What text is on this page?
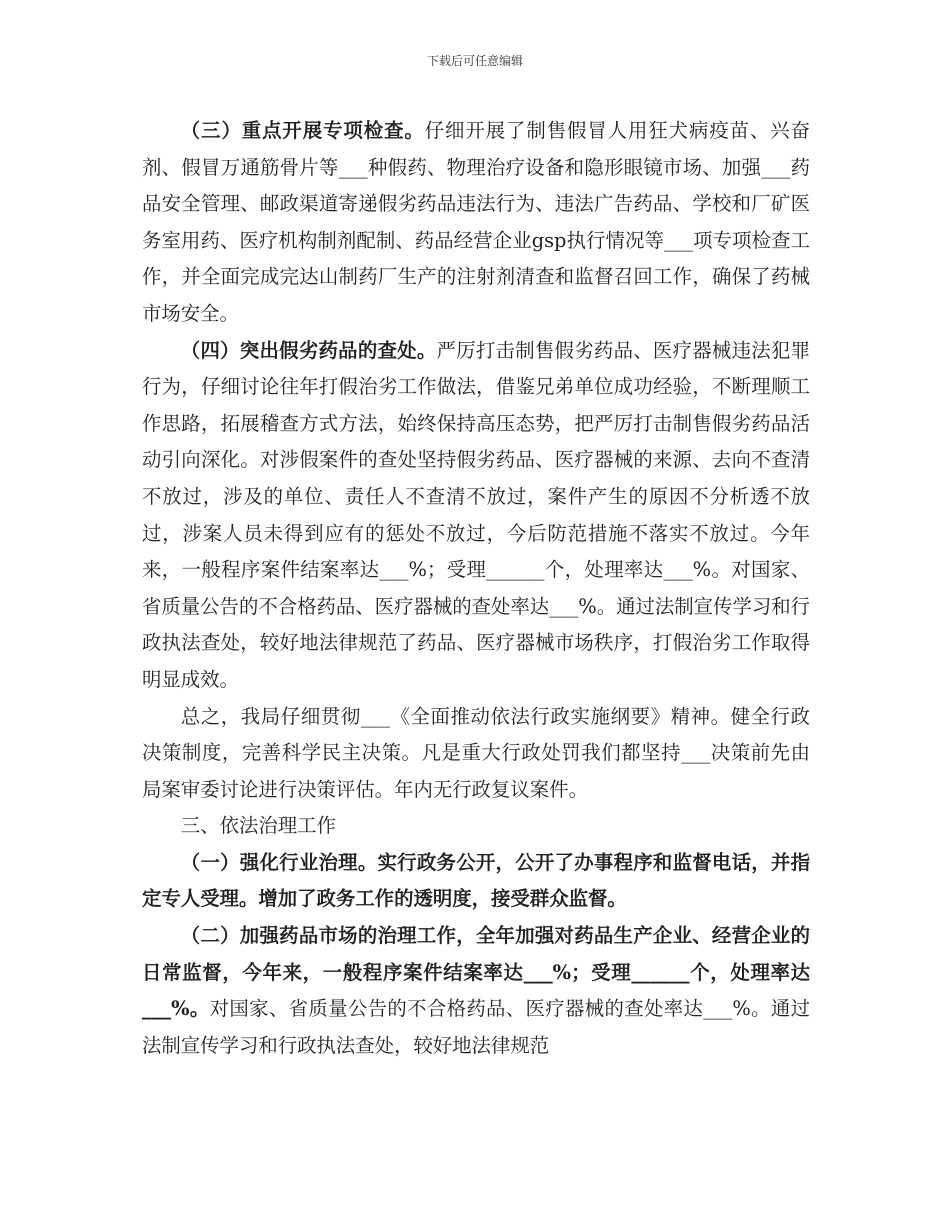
下载后可任意编辑

（三）重点开展专项检查。仔细开展了制售假冒人用狂犬病疫苗、兴奋剂、假冒万通筋骨片等___种假药、物理治疗设备和隐形眼镜市场、加强___药品安全管理、邮政渠道寄递假劣药品违法行为、违法广告药品、学校和厂矿医务室用药、医疗机构制剂配制、药品经营企业gsp执行情况等___项专项检查工作，并全面完成完达山制药厂生产的注射剂清查和监督召回工作，确保了药械市场安全。

（四）突出假劣药品的查处。严厉打击制售假劣药品、医疗器械违法犯罪行为，仔细讨论往年打假治劣工作做法，借鉴兄弟单位成功经验，不断理顺工作思路，拓展稽查方式方法，始终保持高压态势，把严厉打击制售假劣药品活动引向深化。对涉假案件的查处坚持假劣药品、医疗器械的来源、去向不查清不放过，涉及的单位、责任人不查清不放过，案件产生的原因不分析透不放过，涉案人员未得到应有的惩处不放过，今后防范措施不落实不放过。今年来，一般程序案件结案率达___%；受理______个，处理率达___%。对国家、省质量公告的不合格药品、医疗器械的查处率达___%。通过法制宣传学习和行政执法查处，较好地法律规范了药品、医疗器械市场秩序，打假治劣工作取得明显成效。

总之，我局仔细贯彻___《全面推动依法行政实施纲要》精神。健全行政决策制度，完善科学民主决策。凡是重大行政处罚我们都坚持___决策前先由局案审委讨论进行决策评估。年内无行政复议案件。

三、依法治理工作

（一）强化行业治理。实行政务公开，公开了办事程序和监督电话，并指定专人受理。增加了政务工作的透明度，接受群众监督。

（二）加强药品市场的治理工作，全年加强对药品生产企业、经营企业的日常监督，今年来，一般程序案件结案率达___%；受理______个，处理率达___%。对国家、省质量公告的不合格药品、医疗器械的查处率达___%。通过法制宣传学习和行政执法查处，较好地法律规范
